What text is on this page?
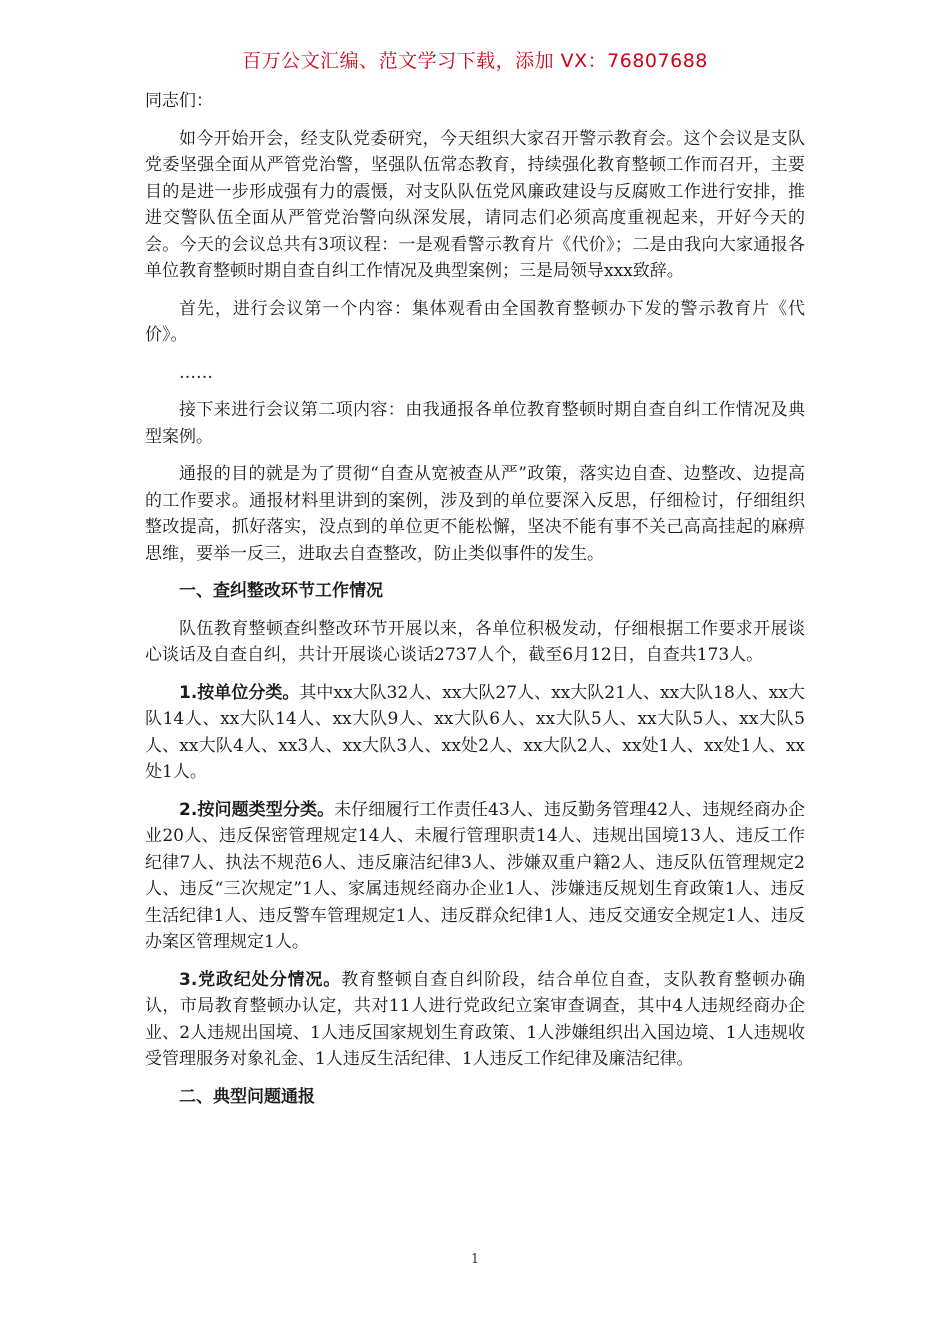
百万公文汇编、范文学习下载，添加 VX：76807688

同志们：

如今开始开会，经支队党委研究，今天组织大家召开警示教育会。这个会议是支队党委坚强全面从严管党治警，坚强队伍常态教育，持续强化教育整顿工作而召开，主要目的是进一步形成强有力的震慑，对支队队伍党风廉政建设与反腐败工作进行安排，推进交警队伍全面从严管党治警向纵深发展，请同志们必须高度重视起来，开好今天的会。今天的会议总共有3项议程：一是观看警示教育片《代价》；二是由我向大家通报各单位教育整顿时期自查自纠工作情况及典型案例；三是局领导xxx致辞。

首先，进行会议第一个内容：集体观看由全国教育整顿办下发的警示教育片《代价》。

……

接下来进行会议第二项内容：由我通报各单位教育整顿时期自查自纠工作情况及典型案例。

通报的目的就是为了贯彻“自查从宽被查从严”政策，落实边自查、边整改、边提高的工作要求。通报材料里讲到的案例，涉及到的单位要深入反思，仔细检讨，仔细组织整改提高，抓好落实，没点到的单位更不能松懈，坚决不能有事不关己高高挂起的麻痹思维，要举一反三，进取去自查整改，防止类似事件的发生。

一、查纠整改环节工作情况

队伍教育整顿查纠整改环节开展以来，各单位积极发动，仔细根据工作要求开展谈心谈话及自查自纠，共计开展谈心谈话2737人个，截至6月12日，自查共173人。

1.按单位分类。其中xx大队32人、xx大队27人、xx大队21人、xx大队18人、xx大队14人、xx大队14人、xx大队9人、xx大队6人、xx大队5人、xx大队5人、xx大队5人、xx大队4人、xx3人、xx大队3人、xx处2人、xx大队2人、xx处1人、xx处1人、xx处1人。

2.按问题类型分类。未仔细履行工作责任43人、违反勤务管理42人、违规经商办企业20人、违反保密管理规定14人、未履行管理职责14人、违规出国境13人、违反工作纪律7人、执法不规范6人、违反廉洁纪律3人、涉嫌双重户籍2人、违反队伍管理规定2人、违反“三次规定”1人、家属违规经商办企业1人、涉嫌违反规划生育政策1人、违反生活纪律1人、违反警车管理规定1人、违反群众纪律1人、违反交通安全规定1人、违反办案区管理规定1人。

3.党政纪处分情况。教育整顿自查自纠阶段，结合单位自查，支队教育整顿办确认，市局教育整顿办认定，共对11人进行党政纪立案审查调查，其中4人违规经商办企业、2人违规出国境、1人违反国家规划生育政策、1人涉嫌组织出入国边境、1人违规收受管理服务对象礼金、1人违反生活纪律、1人违反工作纪律及廉洁纪律。

二、典型问题通报
1
